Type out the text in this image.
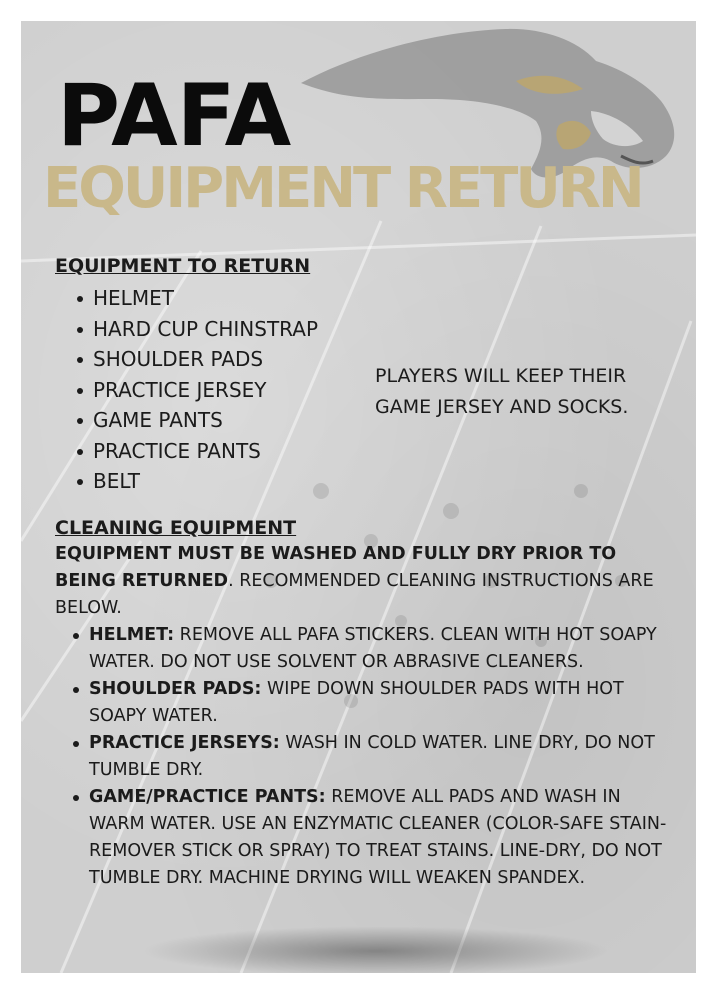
PAFA
EQUIPMENT RETURN
EQUIPMENT TO RETURN
HELMET
HARD CUP CHINSTRAP
SHOULDER PADS
PRACTICE JERSEY
GAME PANTS
PRACTICE PANTS
BELT

PLAYERS WILL KEEP THEIR GAME JERSEY AND SOCKS.

CLEANING EQUIPMENT

EQUIPMENT MUST BE WASHED AND FULLY DRY PRIOR TO BEING RETURNED. RECOMMENDED CLEANING INSTRUCTIONS ARE BELOW.

HELMET: REMOVE ALL PAFA STICKERS. CLEAN WITH HOT SOAPY WATER. DO NOT USE SOLVENT OR ABRASIVE CLEANERS.
SHOULDER PADS: WIPE DOWN SHOULDER PADS WITH HOT SOAPY WATER.
PRACTICE JERSEYS: WASH IN COLD WATER. LINE DRY, DO NOT TUMBLE DRY.
GAME/PRACTICE PANTS: REMOVE ALL PADS AND WASH IN WARM WATER. USE AN ENZYMATIC CLEANER (COLOR-SAFE STAIN-REMOVER STICK OR SPRAY) TO TREAT STAINS. LINE-DRY, DO NOT TUMBLE DRY. MACHINE DRYING WILL WEAKEN SPANDEX.
